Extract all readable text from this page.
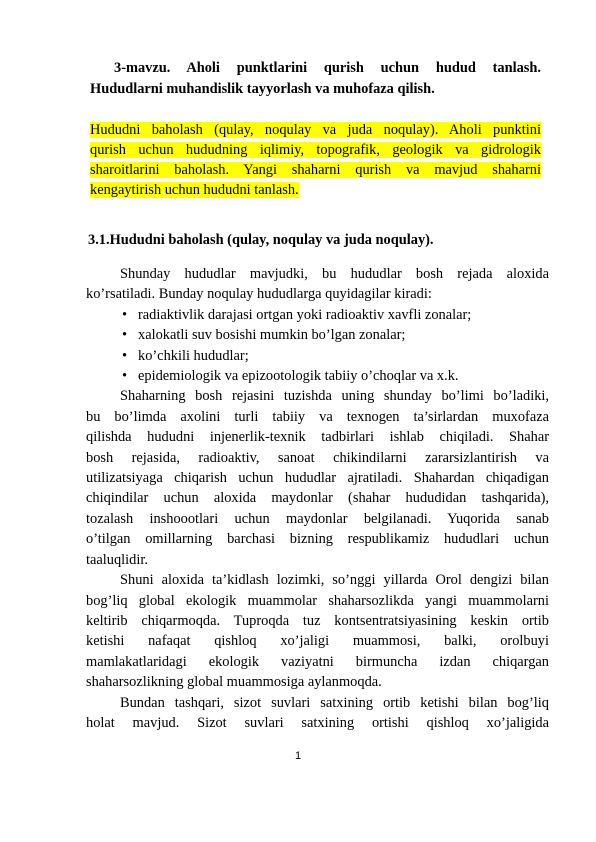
3-mavzu. Aholi punktlarini qurish uchun hudud tanlash.
Hududlarni muhandislik tayyorlash va muhofaza qilish.
Hududni baholash (qulay, noqulay va juda noqulay). Aholi punktini
qurish uchun hududning iqlimiy, topografik, geologik va gidrologik
sharoitlarini baholash. Yangi shaharni qurish va mavjud shaharni
kengaytirish uchun hududni tanlash.
3.1.Hududni baholash (qulay, noqulay va juda noqulay).
Shunday hududlar mavjudki, bu hududlar bosh rejada aloxida
ko’rsatiladi. Bunday noqulay hududlarga quyidagilar kiradi:
• radiaktivlik darajasi ortgan yoki radioaktiv xavfli zonalar;
• xalokatli suv bosishi mumkin bo’lgan zonalar;
• ko’chkili hududlar;
• epidemiologik va epizootologik tabiiy o’choqlar va x.k.
Shaharning bosh rejasini tuzishda uning shunday bo’limi bo’ladiki,
bu bo’limda axolini turli tabiiy va texnogen ta’sirlardan muxofaza
qilishda hududni injenerlik-texnik tadbirlari ishlab chiqiladi. Shahar
bosh rejasida, radioaktiv, sanoat chikindilarni zararsizlantirish va
utilizatsiyaga chiqarish uchun hududlar ajratiladi. Shahardan chiqadigan
chiqindilar uchun aloxida maydonlar (shahar hududidan tashqarida),
tozalash inshoootlari uchun maydonlar belgilanadi. Yuqorida sanab
o’tilgan omillarning barchasi bizning respublikamiz hududlari uchun
taaluqlidir.
Shuni aloxida ta’kidlash lozimki, so’nggi yillarda Orol dengizi bilan
bog’liq global ekologik muammolar shaharsozlikda yangi muammolarni
keltirib chiqarmoqda. Tuproqda tuz kontsentratsiyasining keskin ortib
ketishi nafaqat qishloq xo’jaligi muammosi, balki, orolbuyi
mamlakatlaridagi ekologik vaziyatni birmuncha izdan chiqargan
shaharsozlikning global muammosiga aylanmoqda.
Bundan tashqari, sizot suvlari satxining ortib ketishi bilan bog’liq
holat mavjud. Sizot suvlari satxining ortishi qishloq xo’jaligida
1
